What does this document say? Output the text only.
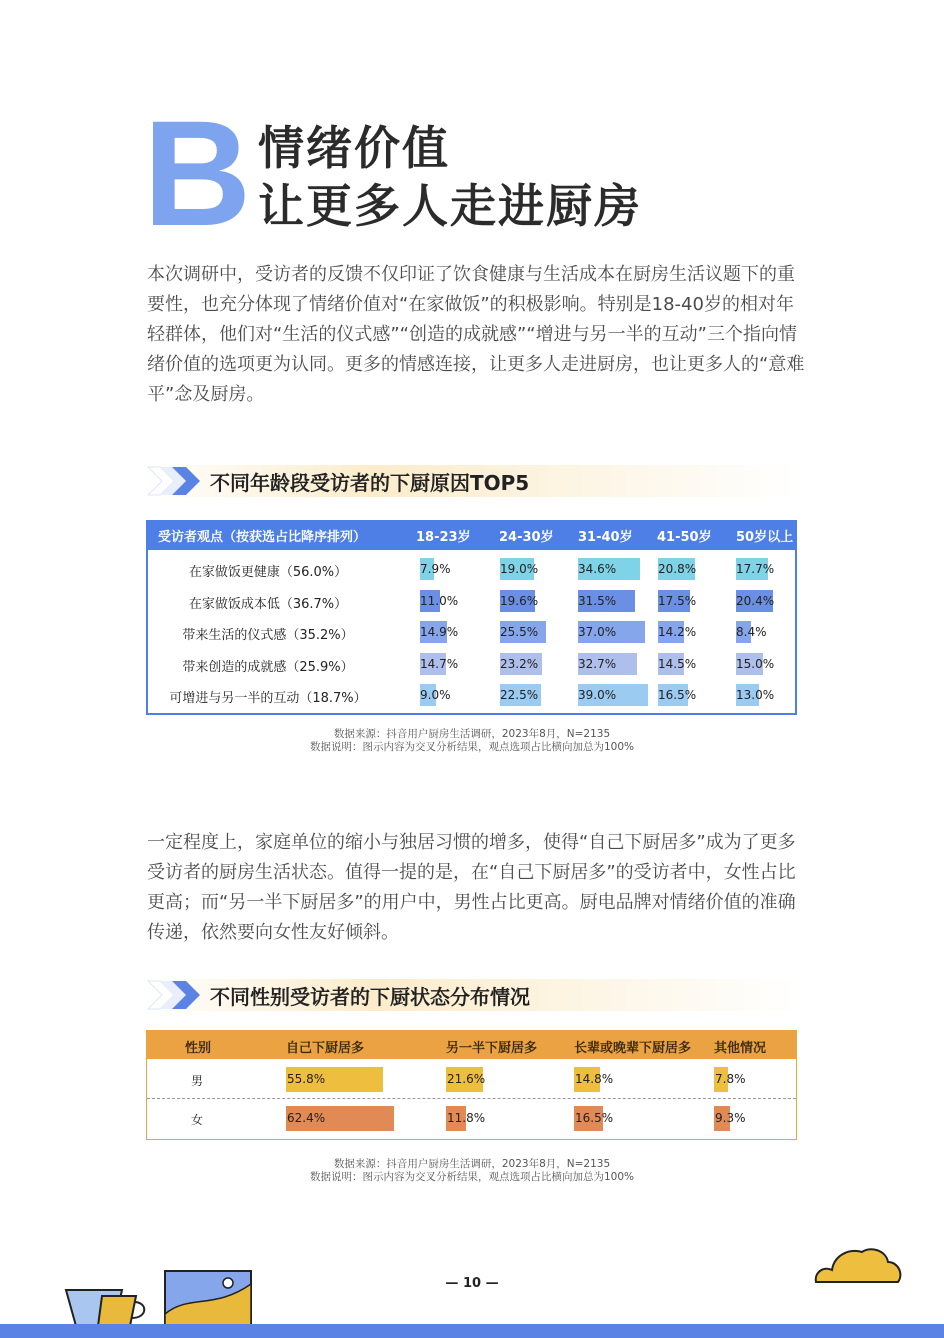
B 情绪价值
让更多人走进厨房
本次调研中，受访者的反馈不仅印证了饮食健康与生活成本在厨房生活议题下的重要性，也充分体现了情绪价值对“在家做饭”的积极影响。特别是18-40岁的相对年轻群体，他们对“生活的仪式感”“创造的成就感”“增进与另一半的互动”三个指向情绪价值的选项更为认同。更多的情感连接，让更多人走进厨房，也让更多人的“意难平”念及厨房。
不同年龄段受访者的下厨原因TOP5
受访者观点（按获选占比降序排列）	18-23岁 24-30岁 31-40岁 41-50岁 50岁以上
在家做饭更健康（56.0%）	7.9%	19.0%	34.6%	20.8%	17.7%
在家做饭成本低（36.7%）	11.0%	19.6%	31.5%	17.5%	20.4%
带来生活的仪式感（35.2%）	14.9%	25.5%	37.0%	14.2%	8.4%
带来创造的成就感（25.9%）	14.7%	23.2%	32.7%	14.5%	15.0%
可增进与另一半的互动（18.7%）	9.0%	22.5%	39.0%	16.5%	13.0%
数据来源：抖音用户厨房生活调研，2023年8月，N=2135
数据说明：图示内容为交叉分析结果，观点选项占比横向加总为100%
一定程度上，家庭单位的缩小与独居习惯的增多，使得“自己下厨居多”成为了更多受访者的厨房生活状态。值得一提的是，在“自己下厨居多”的受访者中，女性占比更高；而“另一半下厨居多”的用户中，男性占比更高。厨电品牌对情绪价值的准确传递，依然要向女性友好倾斜。
不同性别受访者的下厨状态分布情况
性别	自己下厨居多	另一半下厨居多	长辈或晚辈下厨居多 其他情况
男	55.8%	21.6%	14.8%	7.8%
女	62.4%	11.8%	16.5%	9.3%
数据来源：抖音用户厨房生活调研，2023年8月，N=2135
数据说明：图示内容为交叉分析结果，观点选项占比横向加总为100%
— 10 —
